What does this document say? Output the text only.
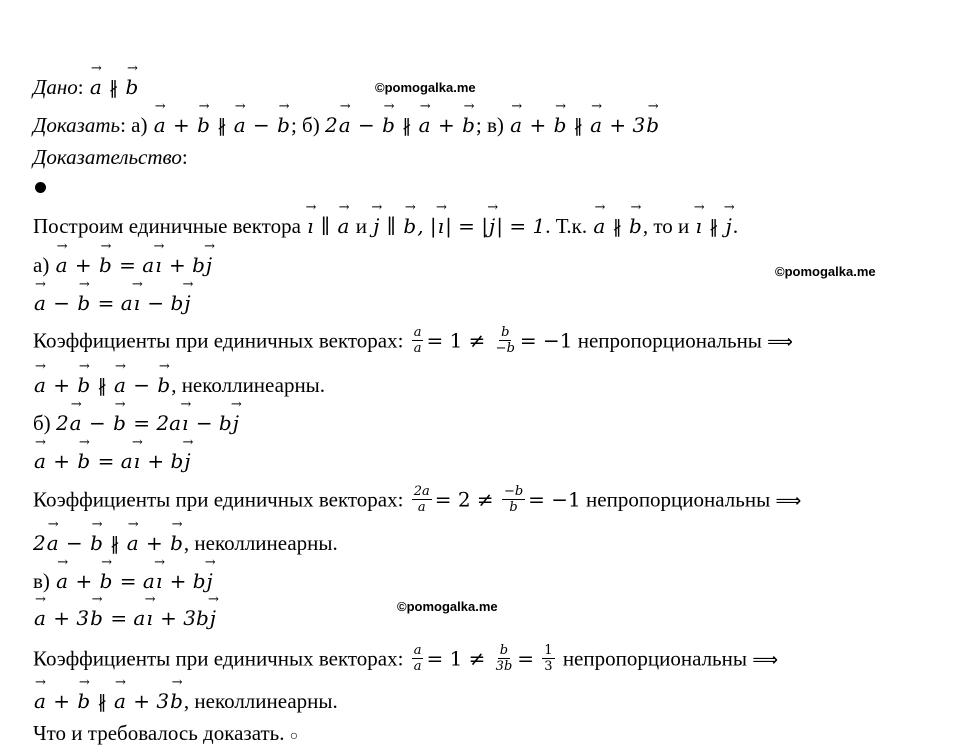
©pomogalka.me
©pomogalka.me
©pomogalka.me
Дано: → a ∦ → b
Доказать: а) → a + → b ∦ → a − → b; б) 2→ a − → b ∦ → a + → b; в) → a + → b ∦ → a + 3→ b
Доказательство:
Построим единичные вектора → ı ∥ → a и → j ∥ → b, |→ ı| = |→ j| = 1. Т.к. → a ∦ → b, то и → ı ∦ → j.
а) → a + → b = a→ ı + b→ j
→ a − → b = a→ ı − b→ j
Коэффициенты при единичных векторах: $\frac{a}{a} = 1 \ne \frac{b}{-b} = -1$ непропорциональны ⟹
→ a + → b ∦ → a − → b, неколлинеарны.
б) 2→ a − → b = 2a→ ı − b→ j
→ a + → b = a→ ı + b→ j
Коэффициенты при единичных векторах: $\frac{2a}{a} = 2 \ne \frac{-b}{b} = -1$ непропорциональны ⟹
2→ a − → b ∦ → a + → b, неколлинеарны.
в) → a + → b = a→ ı + b→ j
→ a + 3→ b = a→ ı + 3b→ j
Коэффициенты при единичных векторах: $\frac{a}{a} = 1 \ne \frac{b}{3b} = \frac{1}{3}$ непропорциональны ⟹
→ a + → b ∦ → a + 3→ b, неколлинеарны.
Что и требовалось доказать. ○
